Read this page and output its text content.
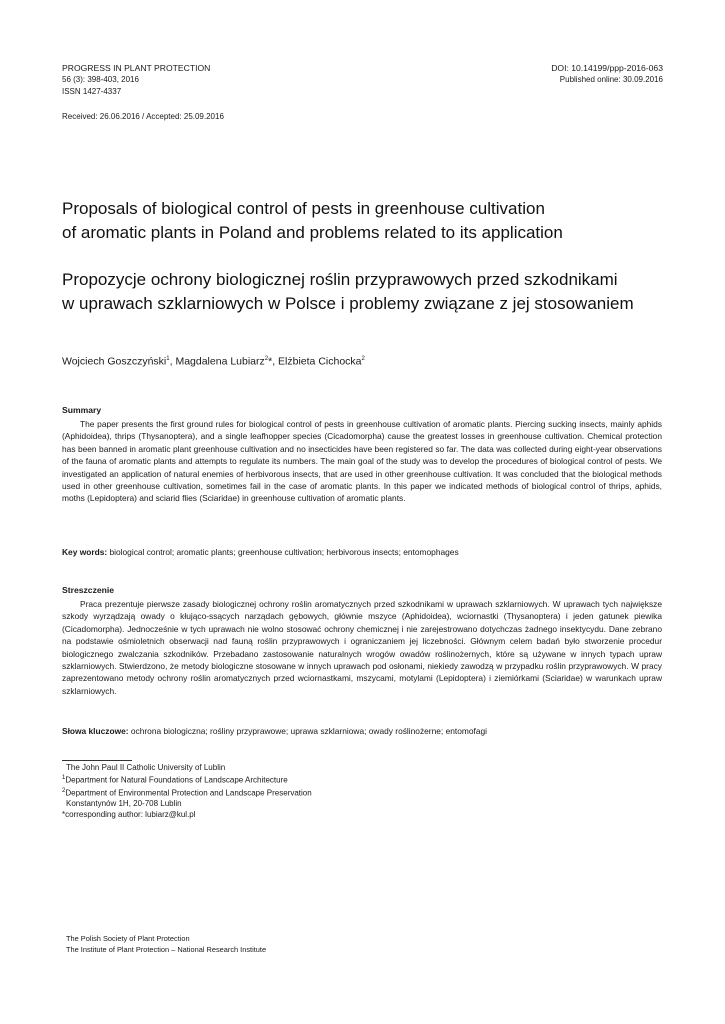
PROGRESS IN PLANT PROTECTION
56 (3): 398-403, 2016
ISSN 1427-4337
DOI: 10.14199/ppp-2016-063
Published online: 30.09.2016
Received: 26.06.2016 / Accepted: 25.09.2016
Proposals of biological control of pests in greenhouse cultivation
of aromatic plants in Poland and problems related to its application
Propozycje ochrony biologicznej roślin przyprawowych przed szkodnikami
w uprawach szklarniowych w Polsce i problemy związane z jej stosowaniem
Wojciech Goszczyński$^1$, Magdalena Lubiarz$^2$*, Elżbieta Cichocka$^2$
Summary
The paper presents the first ground rules for biological control of pests in greenhouse cultivation of aromatic plants. Piercing sucking insects, mainly aphids (Aphidoidea), thrips (Thysanoptera), and a single leafhopper species (Cicadomorpha) cause the greatest losses in greenhouse cultivation. Chemical protection has been banned in aromatic plant greenhouse cultivation and no insecticides have been registered so far. The data was collected during eight-year observations of the fauna of aromatic plants and attempts to regulate its numbers. The main goal of the study was to develop the procedures of biological control of pests. We investigated an application of natural enemies of herbivorous insects, that are used in other greenhouse cultivation. It was concluded that the biological methods used in other greenhouse cultivation, sometimes fail in the case of aromatic plants. In this paper we indicated methods of biological control of thrips, aphids, moths (Lepidoptera) and sciarid flies (Sciaridae) in greenhouse cultivation of aromatic plants.
Key words: biological control; aromatic plants; greenhouse cultivation; herbivorous insects; entomophages
Streszczenie
Praca prezentuje pierwsze zasady biologicznej ochrony roślin aromatycznych przed szkodnikami w uprawach szklarniowych. W uprawach tych największe szkody wyrządzają owady o kłująco-ssących narządach gębowych, głównie mszyce (Aphidoidea), wciornastki (Thysanoptera) i jeden gatunek piewika (Cicadomorpha). Jednocześnie w tych uprawach nie wolno stosować ochrony chemicznej i nie zarejestrowano dotychczas żadnego insektycydu. Dane zebrano na podstawie ośmioletnich obserwacji nad fauną roślin przyprawowych i ograniczaniem jej liczebności. Głównym celem badań było stworzenie procedur biologicznego zwalczania szkodników. Przebadano zastosowanie naturalnych wrogów owadów roślinożernych, które są używane w innych typach upraw szklarniowych. Stwierdzono, że metody biologiczne stosowane w innych uprawach pod osłonami, niekiedy zawodzą w przypadku roślin przyprawowych. W pracy zaprezentowano metody ochrony roślin aromatycznych przed wciornastkami, mszycami, motylami (Lepidoptera) i ziemiórkami (Sciaridae) w warunkach upraw szklarniowych.
Słowa kluczowe: ochrona biologiczna; rośliny przyprawowe; uprawa szklarniowa; owady roślinożerne; entomofagi
The John Paul II Catholic University of Lublin
$^1$Department for Natural Foundations of Landscape Architecture
$^2$Department of Environmental Protection and Landscape Preservation
Konstantynów 1H, 20-708 Lublin
*corresponding author: lubiarz@kul.pl
The Polish Society of Plant Protection
The Institute of Plant Protection – National Research Institute
